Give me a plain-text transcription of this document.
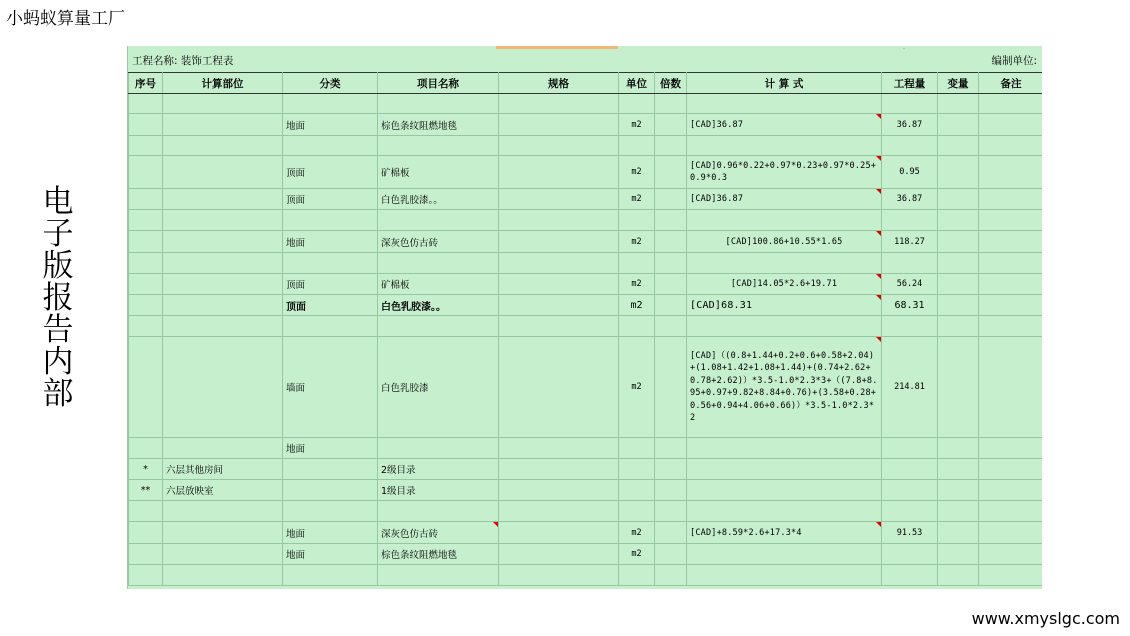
小蚂蚁算量工厂
电
子
版
报
告
内
部
·
工程名称: 装饰工程表	编制单位:
序号	计算部位	分类	项目名称	规格	单位	倍数	计 算 式	工程量	变量	备注

		地面	棕色条纹阻燃地毯		m2		[CAD]36.87	36.87		

		顶面	矿棉板		m2		[CAD]0.96*0.22+0.97*0.23+0.97*0.25+0.9*0.3	0.95		
		顶面	白色乳胶漆。。		m2		[CAD]36.87	36.87		

		地面	深灰色仿古砖		m2		[CAD]100.86+10.55*1.65	118.27		

		顶面	矿棉板		m2		[CAD]14.05*2.6+19.71	56.24		
		顶面	白色乳胶漆。。		m2		[CAD]68.31	68.31		

		墙面	白色乳胶漆		m2		[CAD]（(0.8+1.44+0.2+0.6+0.58+2.04)+(1.08+1.42+1.08+1.44)+(0.74+2.62+0.78+2.62)）*3.5-1.0*2.3*3+（(7.8+8.95+0.97+9.82+8.84+0.76)+(3.58+0.28+0.56+0.94+4.06+0.66)）*3.5-1.0*2.3*2	214.81		
		地面								
*	六层其他房间		2级目录							
**	六层放映室		1级目录							

		地面	深灰色仿古砖		m2		[CAD]+8.59*2.6+17.3*4	91.53		
		地面	棕色条纹阻燃地毯		m2					

www.xmyslgc.com
